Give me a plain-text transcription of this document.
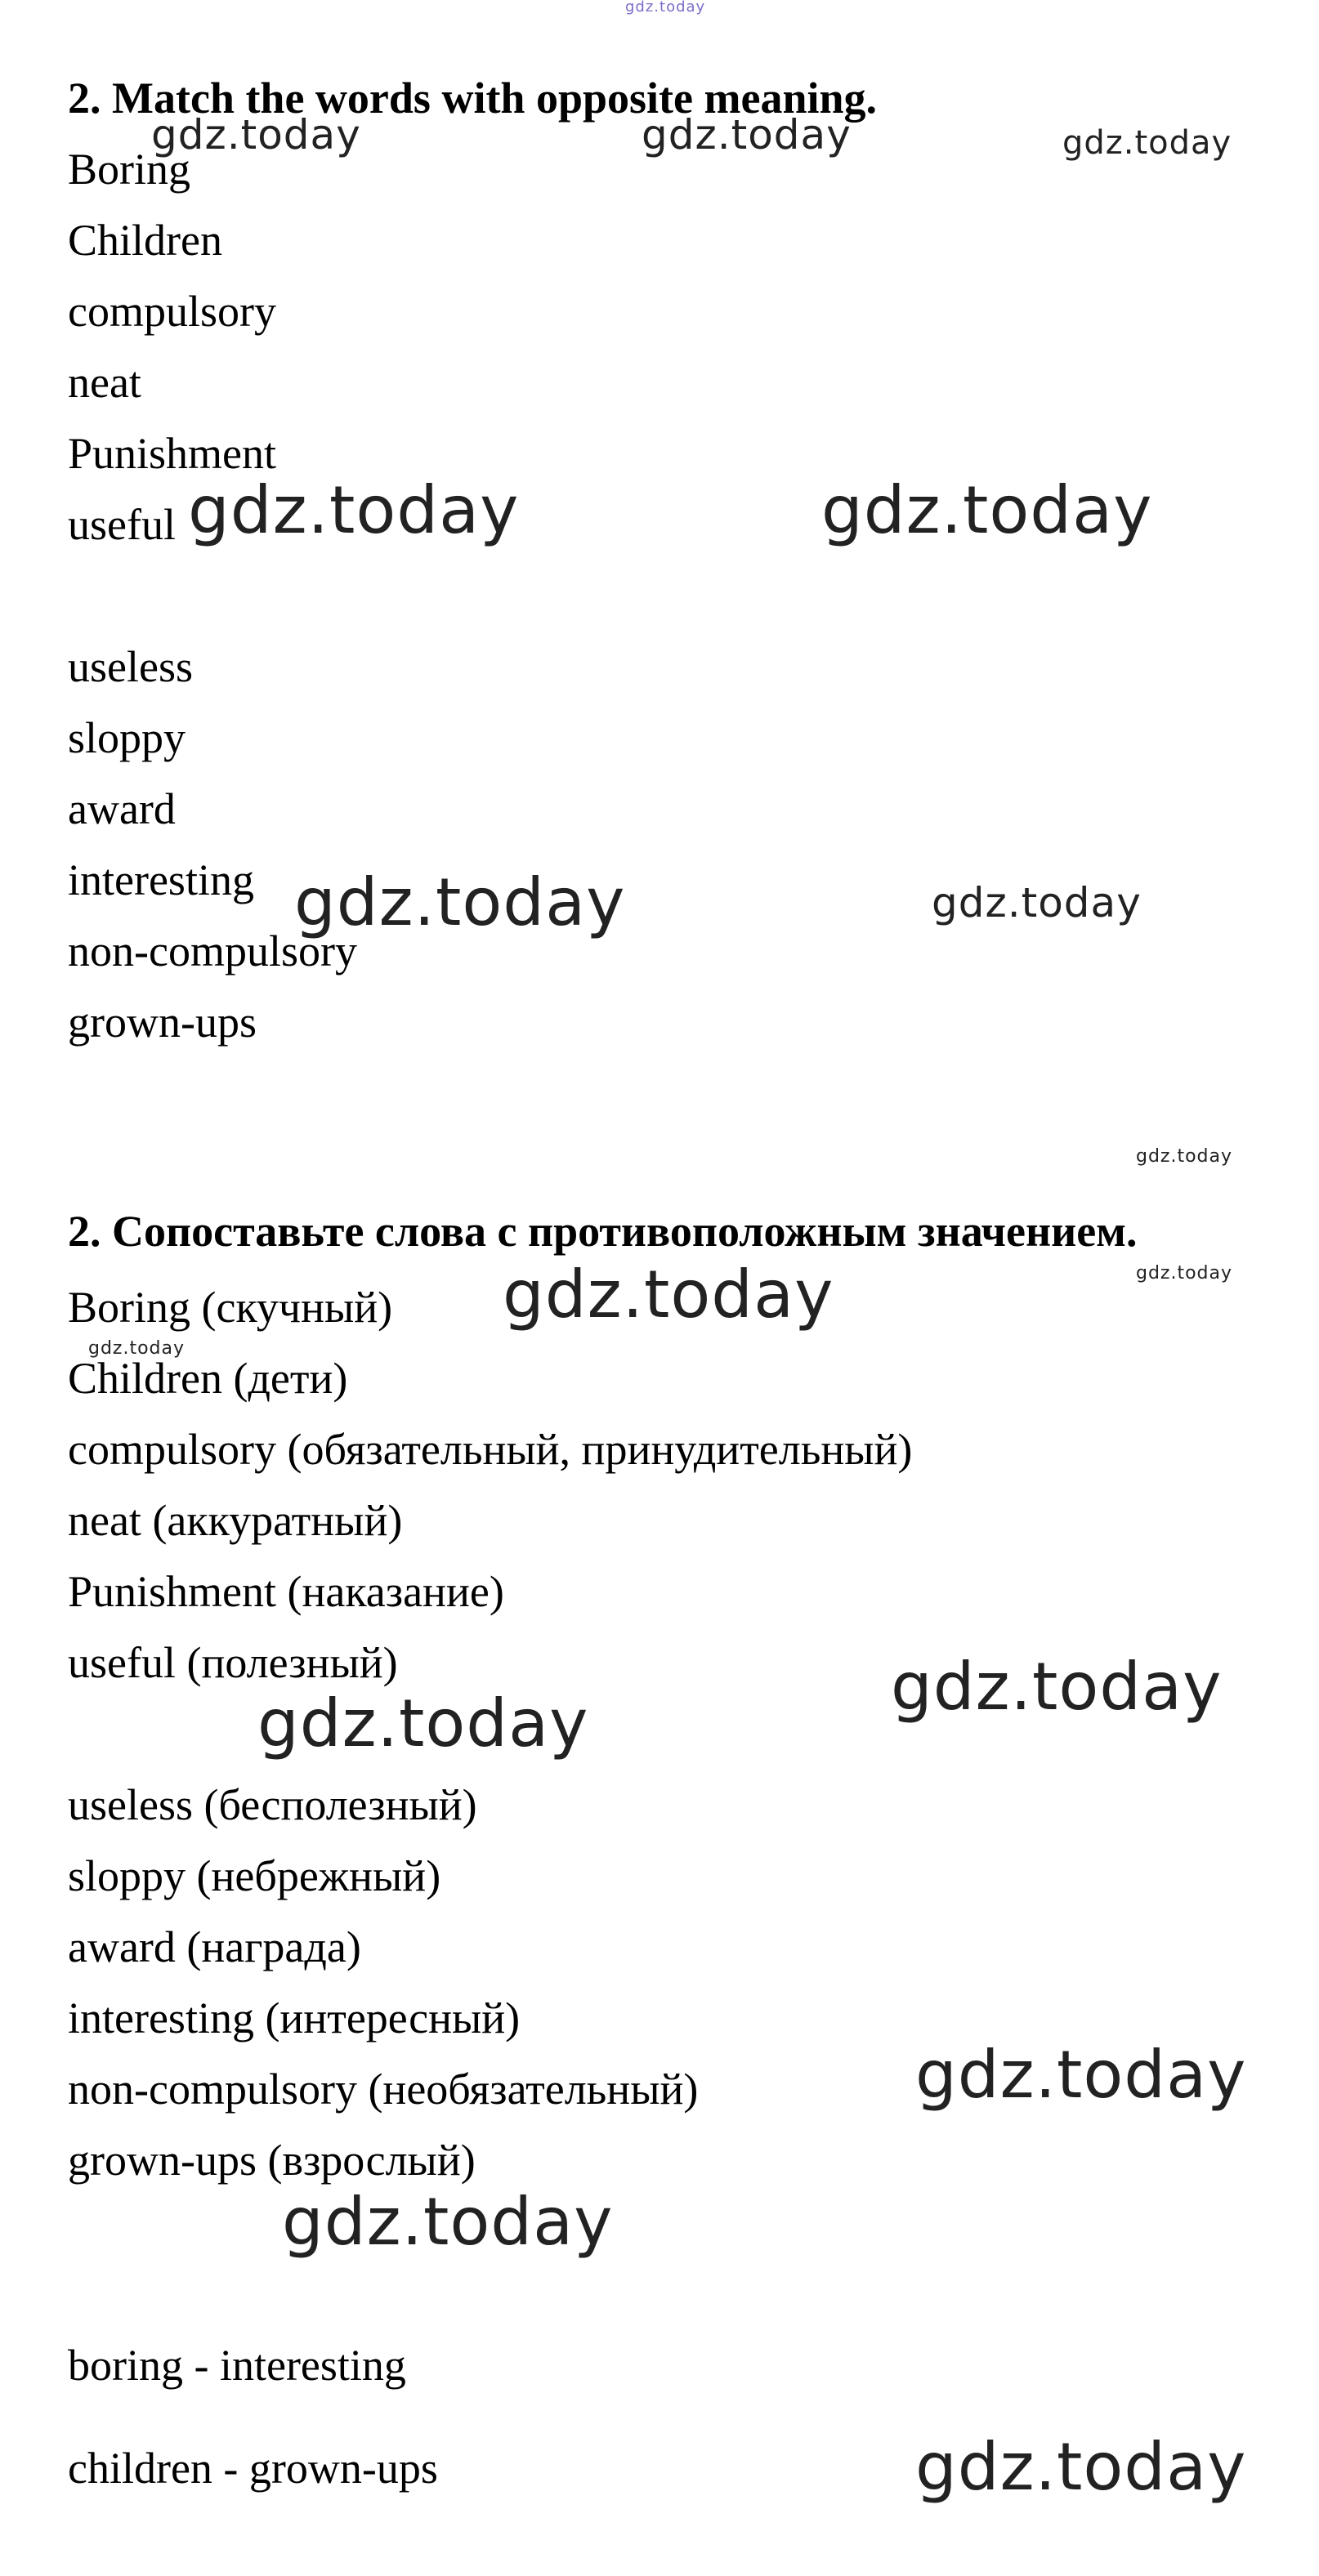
gdz.today
gdz.today	gdz.today	gdz.today
gdz.today	gdz.today
gdz.today	gdz.today
gdz.today
gdz.today
gdz.today
gdz.today
gdz.today
gdz.today
gdz.today
gdz.today
gdz.today
2. Match the words with opposite meaning.
Boring
Children
compulsory
neat
Punishment
useful
useless
sloppy
award
interesting
non-compulsory
grown-ups
2. Сопоставьте слова с противоположным значением.
Boring (скучный)
Children (дети)
compulsory (обязательный, принудительный)
neat (аккуратный)
Punishment (наказание)
useful (полезный)
useless (бесполезный)
sloppy (небрежный)
award (награда)
interesting (интересный)
non-compulsory (необязательный)
grown-ups (взрослый)
boring - interesting
children - grown-ups
